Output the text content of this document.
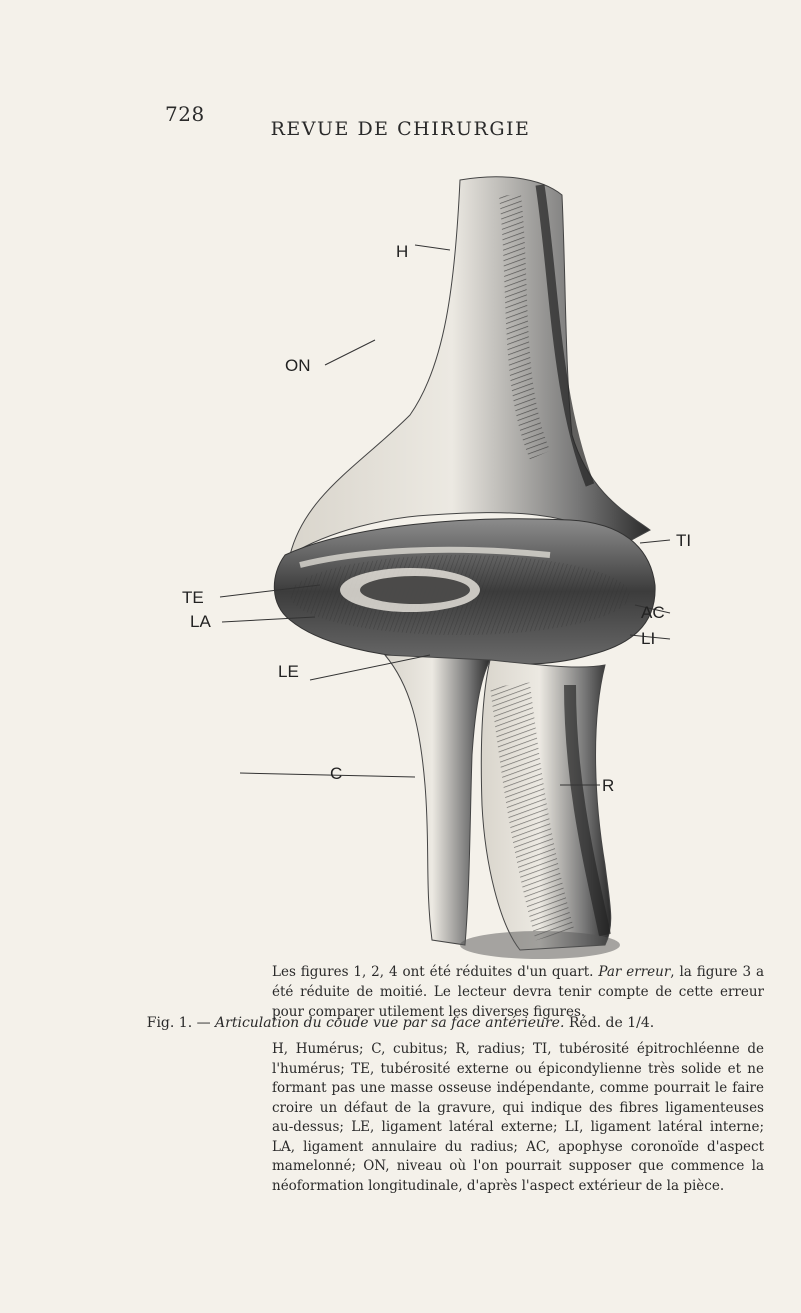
728
REVUE DE CHIRURGIE
H
ON
TE
LA
LE
C
TI
AC
LI
R

Les figures 1, 2, 4 ont été réduites d'un quart. Par erreur, la figure 3 a été réduite de moitié. Le lecteur devra tenir compte de cette erreur pour comparer utilement les diverses figures.

Fig. 1. — Articulation du coude vue par sa face antérieure. Réd. de 1/4.
H, Humérus; C, cubitus; R, radius; TI, tubérosité épitrochléenne de l'humérus; TE, tubérosité externe ou épicondylienne très solide et ne formant pas une masse osseuse indépendante, comme pourrait le faire croire un défaut de la gravure, qui indique des fibres ligamenteuses au-dessus; LE, ligament latéral externe; LI, ligament latéral interne; LA, ligament annulaire du radius; AC, apophyse coronoïde d'aspect mamelonné; ON, niveau où l'on pourrait supposer que commence la néoformation longitudinale, d'après l'aspect extérieur de la pièce.
